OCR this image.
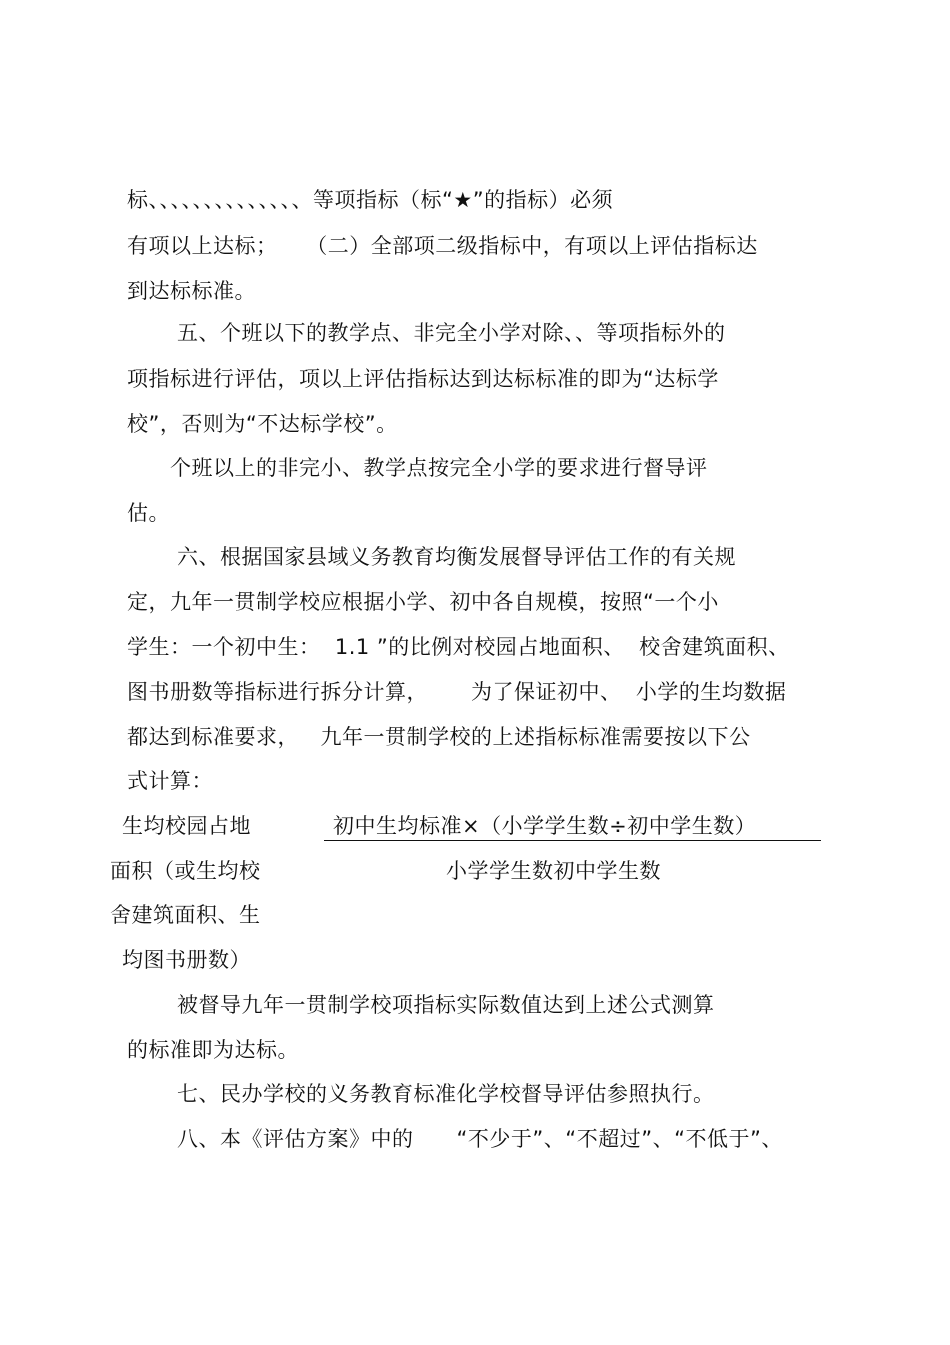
标、、、、、、、、、、、、、、等项指标（标“★”的指标）必须
有项以上达标；    （二）全部项二级指标中，有项以上评估指标达
到达标标准。
五、个班以下的教学点、非完全小学对除、、等项指标外的
项指标进行评估，项以上评估指标达到达标标准的即为“达标学
校”，否则为“不达标学校”。
个班以上的非完小、教学点按完全小学的要求进行督导评
估。
六、根据国家县域义务教育均衡发展督导评估工作的有关规
定，九年一贯制学校应根据小学、初中各自规模，按照“一个小
学生：一个初中生：  1.1 ”的比例对校园占地面积、  校舍建筑面积、
图书册数等指标进行拆分计算，      为了保证初中、  小学的生均数据
都达到标准要求，   九年一贯制学校的上述指标标准需要按以下公
式计算：
生均校园占地
面积（或生均校
舍建筑面积、生
均图书册数）
初中生均标准×（小学学生数÷初中学生数）
小学学生数初中学生数
被督导九年一贯制学校项指标实际数值达到上述公式测算
的标准即为达标。
七、民办学校的义务教育标准化学校督导评估参照执行。
八、本《评估方案》中的      “不少于”、“不超过”、“不低于”、
